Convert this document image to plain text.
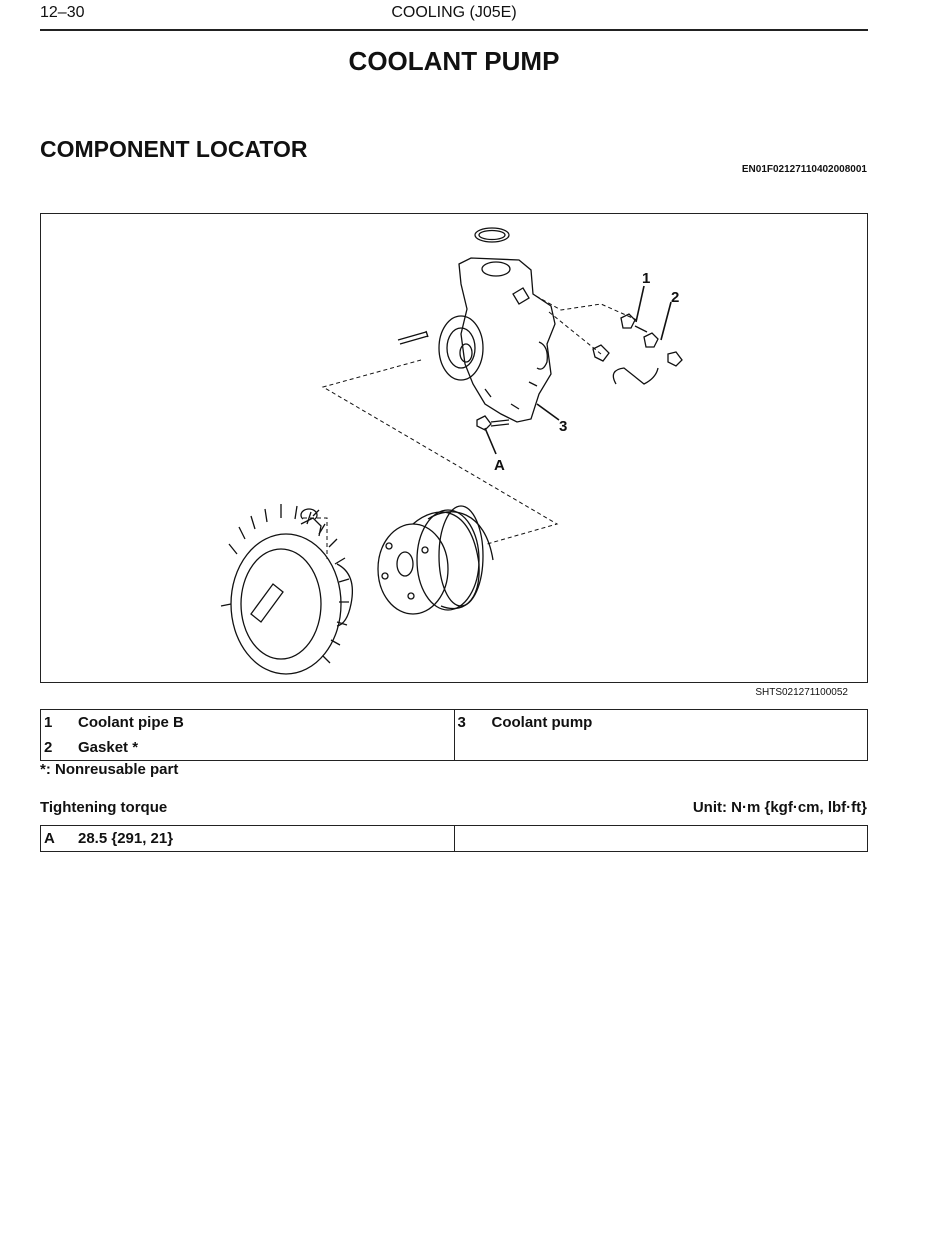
12–30	COOLING (J05E)
COOLANT PUMP
COMPONENT LOCATOR
EN01F02127110402008001
1
2
3
A
SHTS021271100052
1	Coolant pipe B
2	Gasket *

3	Coolant pump
*: Nonreusable part
Tightening torque	Unit: N·m {kgf·cm, lbf·ft}
A	28.5 {291, 21}
